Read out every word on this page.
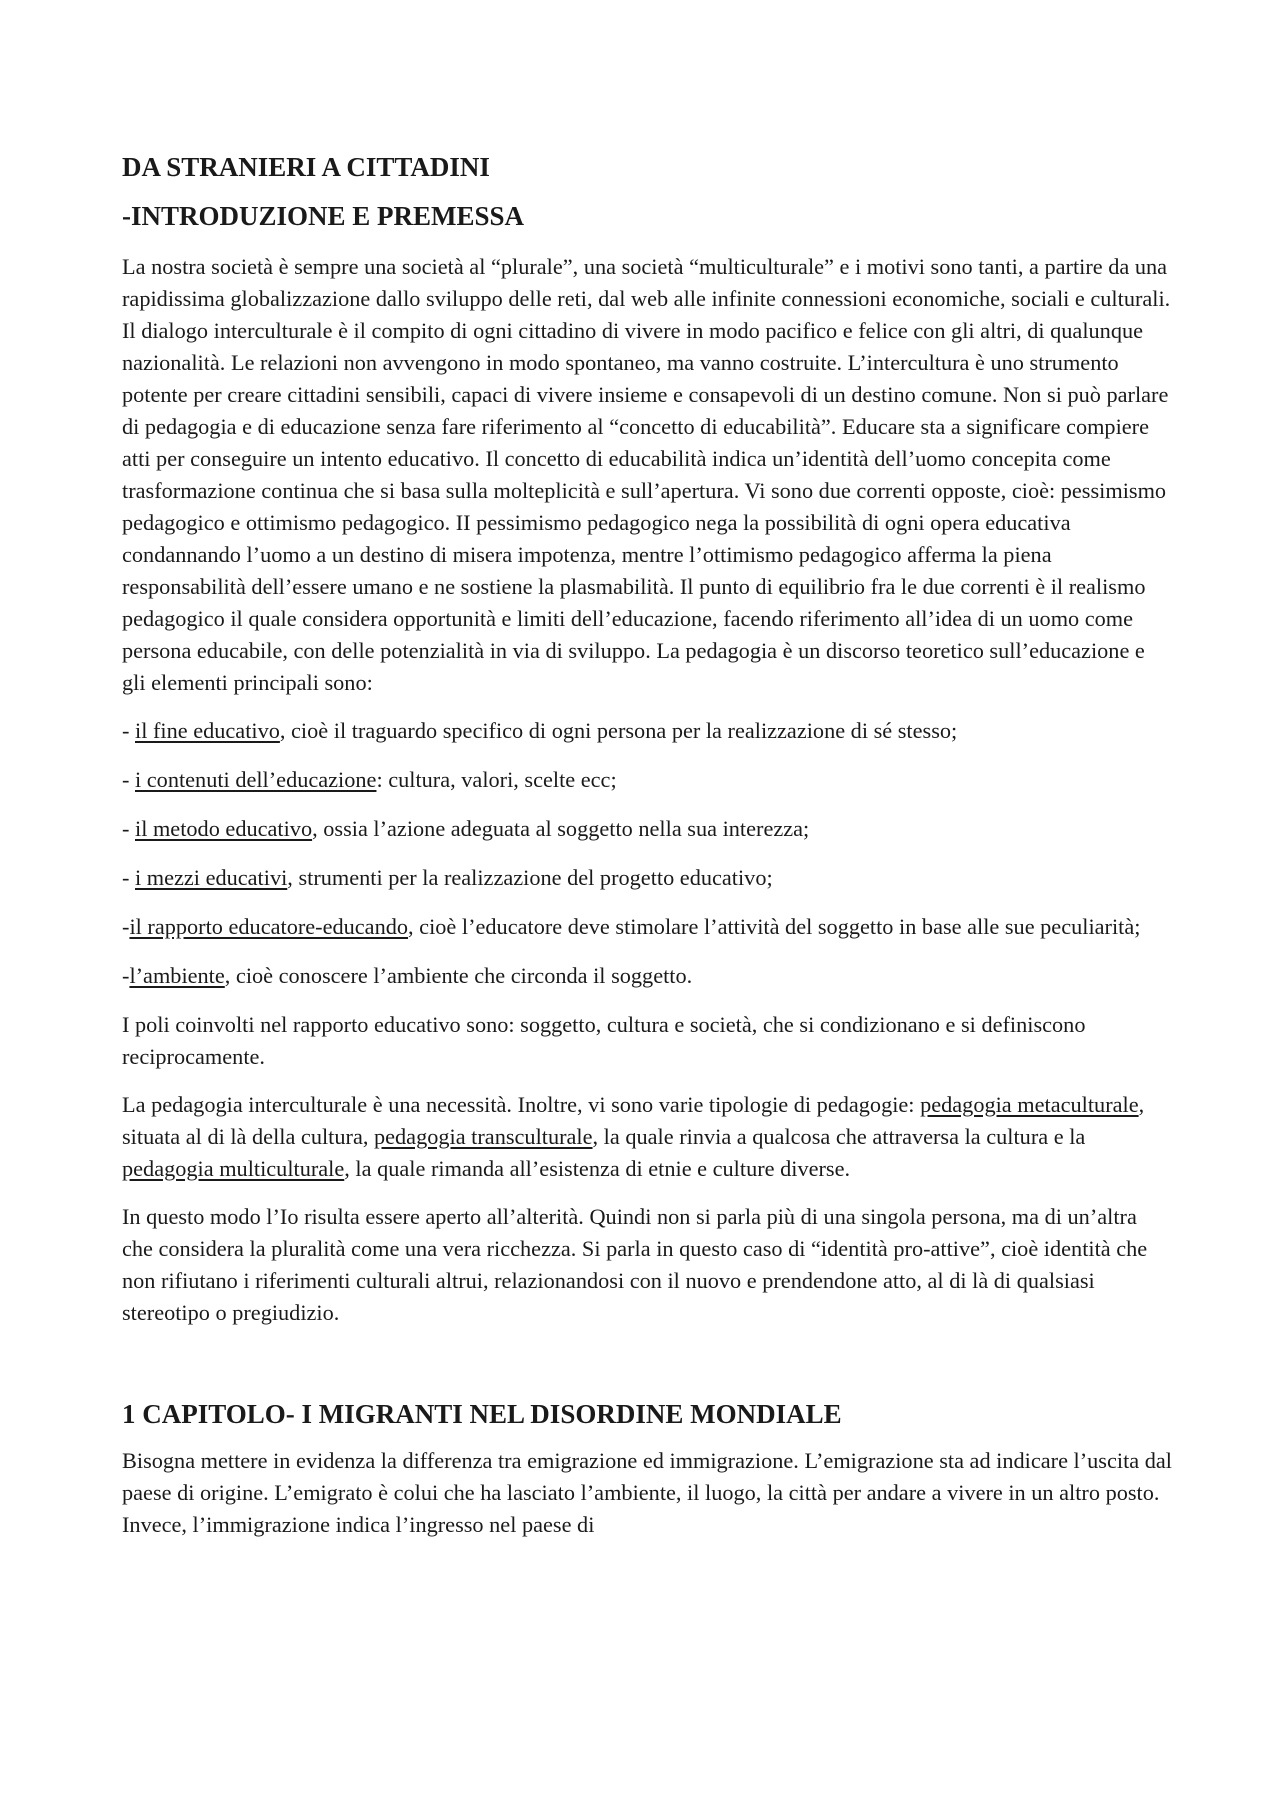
DA STRANIERI A CITTADINI
-INTRODUZIONE E PREMESSA

La nostra società è sempre una società al “plurale”, una società “multiculturale” e i motivi sono tanti, a partire da una rapidissima globalizzazione dallo sviluppo delle reti, dal web alle infinite connessioni economiche, sociali e culturali. Il dialogo interculturale è il compito di ogni cittadino di vivere in modo pacifico e felice con gli altri, di qualunque nazionalità. Le relazioni non avvengono in modo spontaneo, ma vanno costruite. L’intercultura è uno strumento potente per creare cittadini sensibili, capaci di vivere insieme e consapevoli di un destino comune. Non si può parlare di pedagogia e di educazione senza fare riferimento al “concetto di educabilità”. Educare sta a significare compiere atti per conseguire un intento educativo. Il concetto di educabilità indica un’identità dell’uomo concepita come trasformazione continua che si basa sulla molteplicità e sull’apertura. Vi sono due correnti opposte, cioè: pessimismo pedagogico e ottimismo pedagogico. II pessimismo pedagogico nega la possibilità di ogni opera educativa condannando l’uomo a un destino di misera impotenza, mentre l’ottimismo pedagogico afferma la piena responsabilità dell’essere umano e ne sostiene la plasmabilità. Il punto di equilibrio fra le due correnti è il realismo pedagogico il quale considera opportunità e limiti dell’educazione, facendo riferimento all’idea di un uomo come persona educabile, con delle potenzialità in via di sviluppo. La pedagogia è un discorso teoretico sull’educazione e gli elementi principali sono:

- il fine educativo, cioè il traguardo specifico di ogni persona per la realizzazione di sé stesso;

- i contenuti dell’educazione: cultura, valori, scelte ecc;

- il metodo educativo, ossia l’azione adeguata al soggetto nella sua interezza;

- i mezzi educativi, strumenti per la realizzazione del progetto educativo;

-il rapporto educatore-educando, cioè l’educatore deve stimolare l’attività del soggetto in base alle sue peculiarità;

-l’ambiente, cioè conoscere l’ambiente che circonda il soggetto.

I poli coinvolti nel rapporto educativo sono: soggetto, cultura e società, che si condizionano e si definiscono reciprocamente.

La pedagogia interculturale è una necessità. Inoltre, vi sono varie tipologie di pedagogie: pedagogia metaculturale, situata al di là della cultura, pedagogia transculturale, la quale rinvia a qualcosa che attraversa la cultura e la pedagogia multiculturale, la quale rimanda all’esistenza di etnie e culture diverse.

In questo modo l’Io risulta essere aperto all’alterità. Quindi non si parla più di una singola persona, ma di un’altra che considera la pluralità come una vera ricchezza. Si parla in questo caso di “identità pro-attive”, cioè identità che non rifiutano i riferimenti culturali altrui, relazionandosi con il nuovo e prendendone atto, al di là di qualsiasi stereotipo o pregiudizio.

1 CAPITOLO- I MIGRANTI NEL DISORDINE MONDIALE

Bisogna mettere in evidenza la differenza tra emigrazione ed immigrazione. L’emigrazione sta ad indicare l’uscita dal paese di origine. L’emigrato è colui che ha lasciato l’ambiente, il luogo, la città per andare a vivere in un altro posto. Invece, l’immigrazione indica l’ingresso nel paese di
